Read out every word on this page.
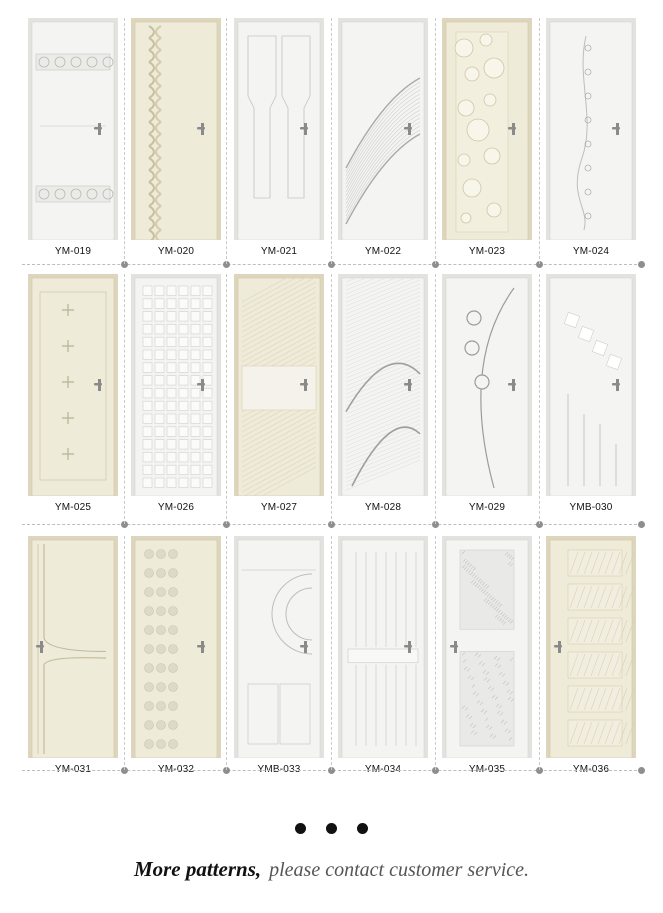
YM-019	YM-020	YM-021	YM-022	YM-023	YM-024
YM-025	YM-026	YM-027	YM-028	YM-029	YMB-030
YM-031	YM-032	YMB-033	YM-034	YM-035	YM-036
More patterns, please contact customer service.
